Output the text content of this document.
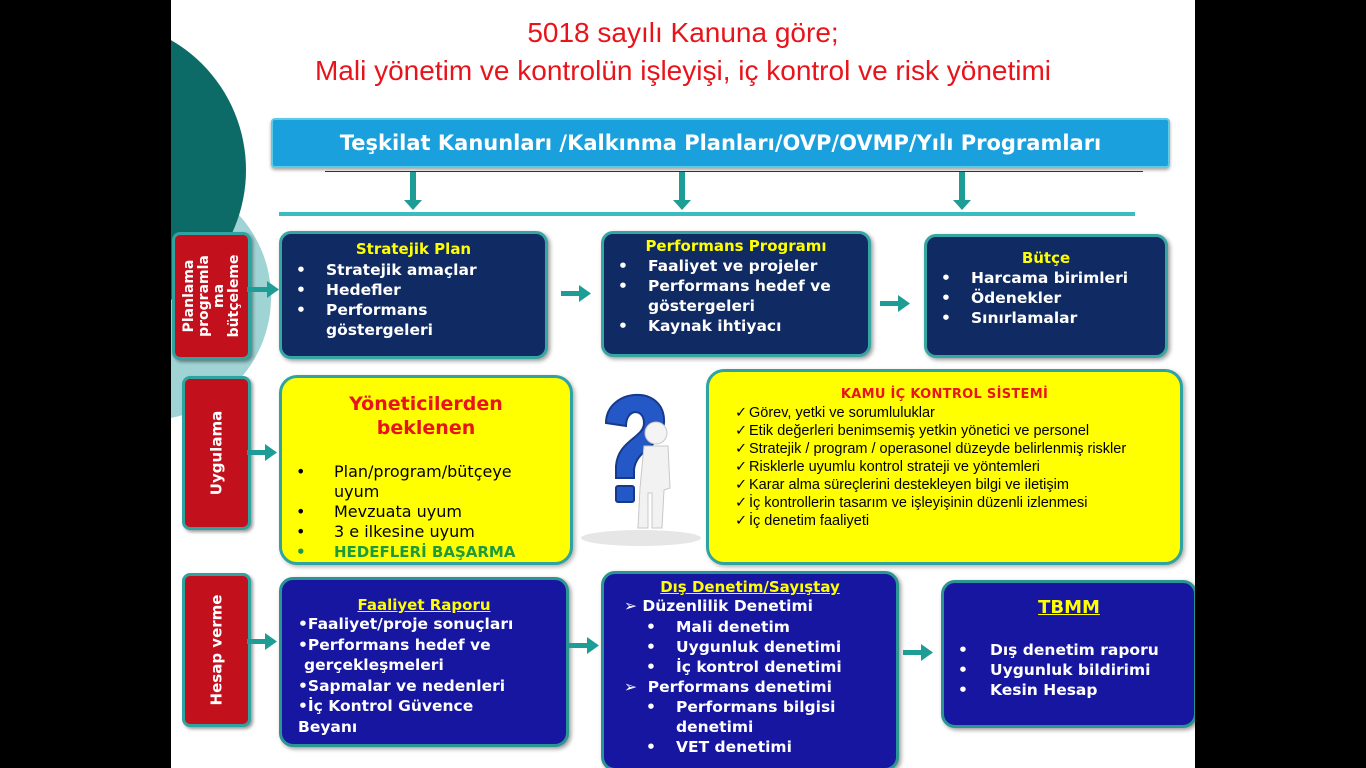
5018 sayılı Kanuna göre;
Mali yönetim ve kontrolün işleyişi, iç kontrol ve risk yönetimi
Teşkilat Kanunları /Kalkınma Planları/OVP/OVMP/Yılı Programları
Planlama programla ma bütçeleme
Stratejik Plan
• Stratejik amaçlar
• Hedefler
• Performans göstergeleri
Performans Programı
• Faaliyet ve projeler
• Performans hedef ve göstergeleri
• Kaynak ihtiyacı
Bütçe
• Harcama birimleri
• Ödenekler
• Sınırlamalar
Uygulama
Yöneticilerden
beklenen
• Plan/program/bütçeye uyum
• Mevzuata uyum
• 3 e ilkesine uyum
• HEDEFLERİ BAŞARMA
KAMU İÇ KONTROL SİSTEMİ
✓ Görev, yetki ve sorumluluklar
✓ Etik değerleri benimsemiş yetkin yönetici ve personel
✓ Stratejik / program / operasonel düzeyde belirlenmiş riskler
✓ Risklerle uyumlu kontrol strateji ve yöntemleri
✓ Karar alma süreçlerini destekleyen bilgi ve iletişim
✓ İç kontrollerin tasarım ve işleyişinin düzenli izlenmesi
✓ İç denetim faaliyeti
Hesap verme	Faaliyet Raporu
•Faaliyet/proje sonuçları
•Performans hedef ve
gerçekleşmeleri
•Sapmalar ve nedenleri
•İç Kontrol Güvence
Beyanı
Dış Denetim/Sayıştay
➢ Düzenlilik Denetimi
• Mali denetim
• Uygunluk denetimi
• İç kontrol denetimi
➢  Performans denetimi
• Performans bilgisi denetimi
• VET denetimi
TBMM
• Dış denetim raporu
• Uygunluk bildirimi
• Kesin Hesap
